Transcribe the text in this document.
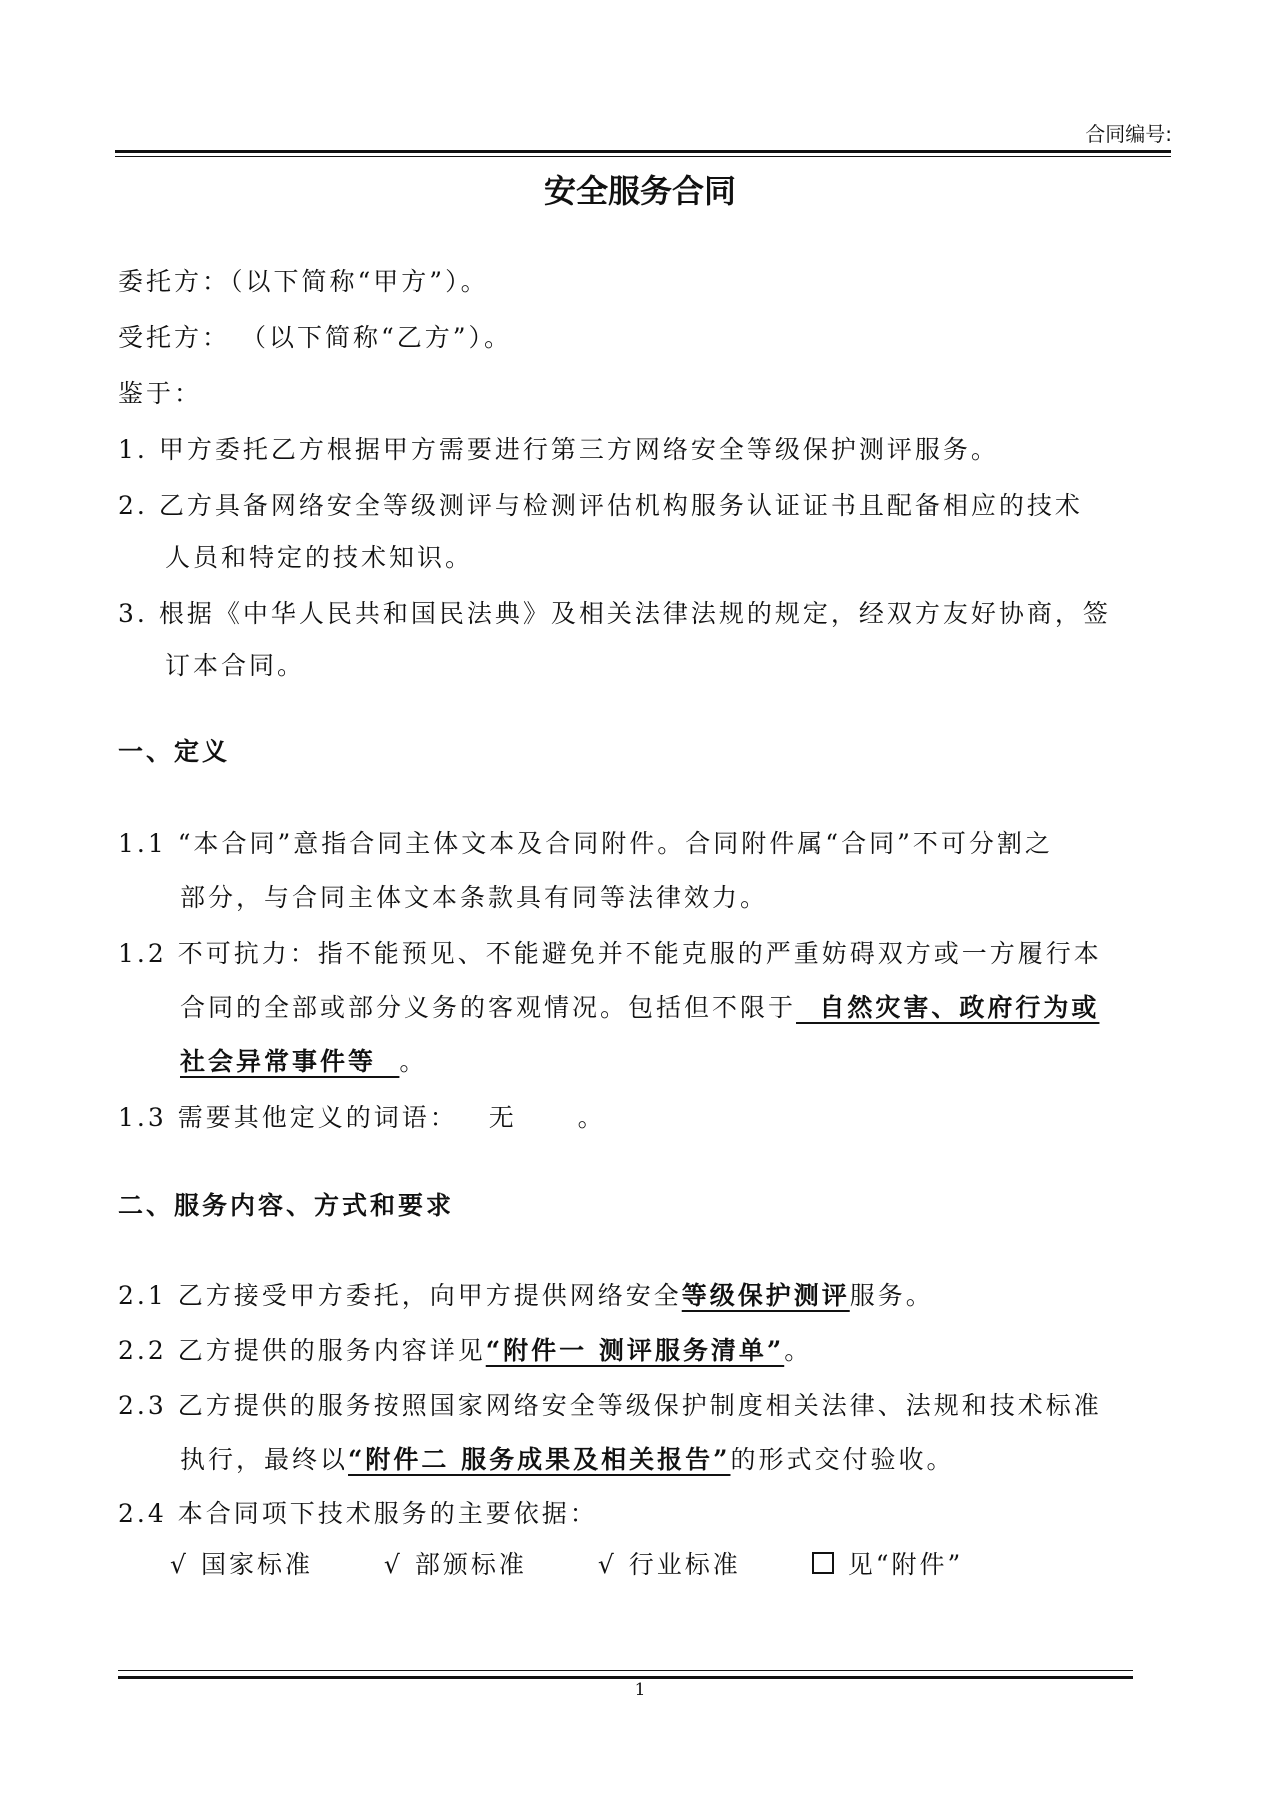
合同编号:
安全服务合同
委托方：（以下简称“甲方”）。
受托方： （以下简称“乙方”）。
鉴于：
1. 甲方委托乙方根据甲方需要进行第三方网络安全等级保护测评服务。
2. 乙方具备网络安全等级测评与检测评估机构服务认证证书且配备相应的技术
人员和特定的技术知识。
3. 根据《中华人民共和国民法典》及相关法律法规的规定，经双方友好协商，签
订本合同。
一、定义
1.1 “本合同”意指合同主体文本及合同附件。合同附件属“合同”不可分割之
部分，与合同主体文本条款具有同等法律效力。
1.2 不可抗力：指不能预见、不能避免并不能克服的严重妨碍双方或一方履行本
合同的全部或部分义务的客观情况。包括但不限于  自然灾害、政府行为或
社会异常事件等  。
1.3 需要其他定义的词语： 无 。
二、服务内容、方式和要求
2.1 乙方接受甲方委托，向甲方提供网络安全等级保护测评服务。
2.2 乙方提供的服务内容详见“附件一 测评服务清单”。
2.3 乙方提供的服务按照国家网络安全等级保护制度相关法律、法规和技术标准
执行，最终以“附件二 服务成果及相关报告”的形式交付验收。
2.4 本合同项下技术服务的主要依据：
√ 国家标准	√ 部颁标准	√ 行业标准	见“附件”
1
